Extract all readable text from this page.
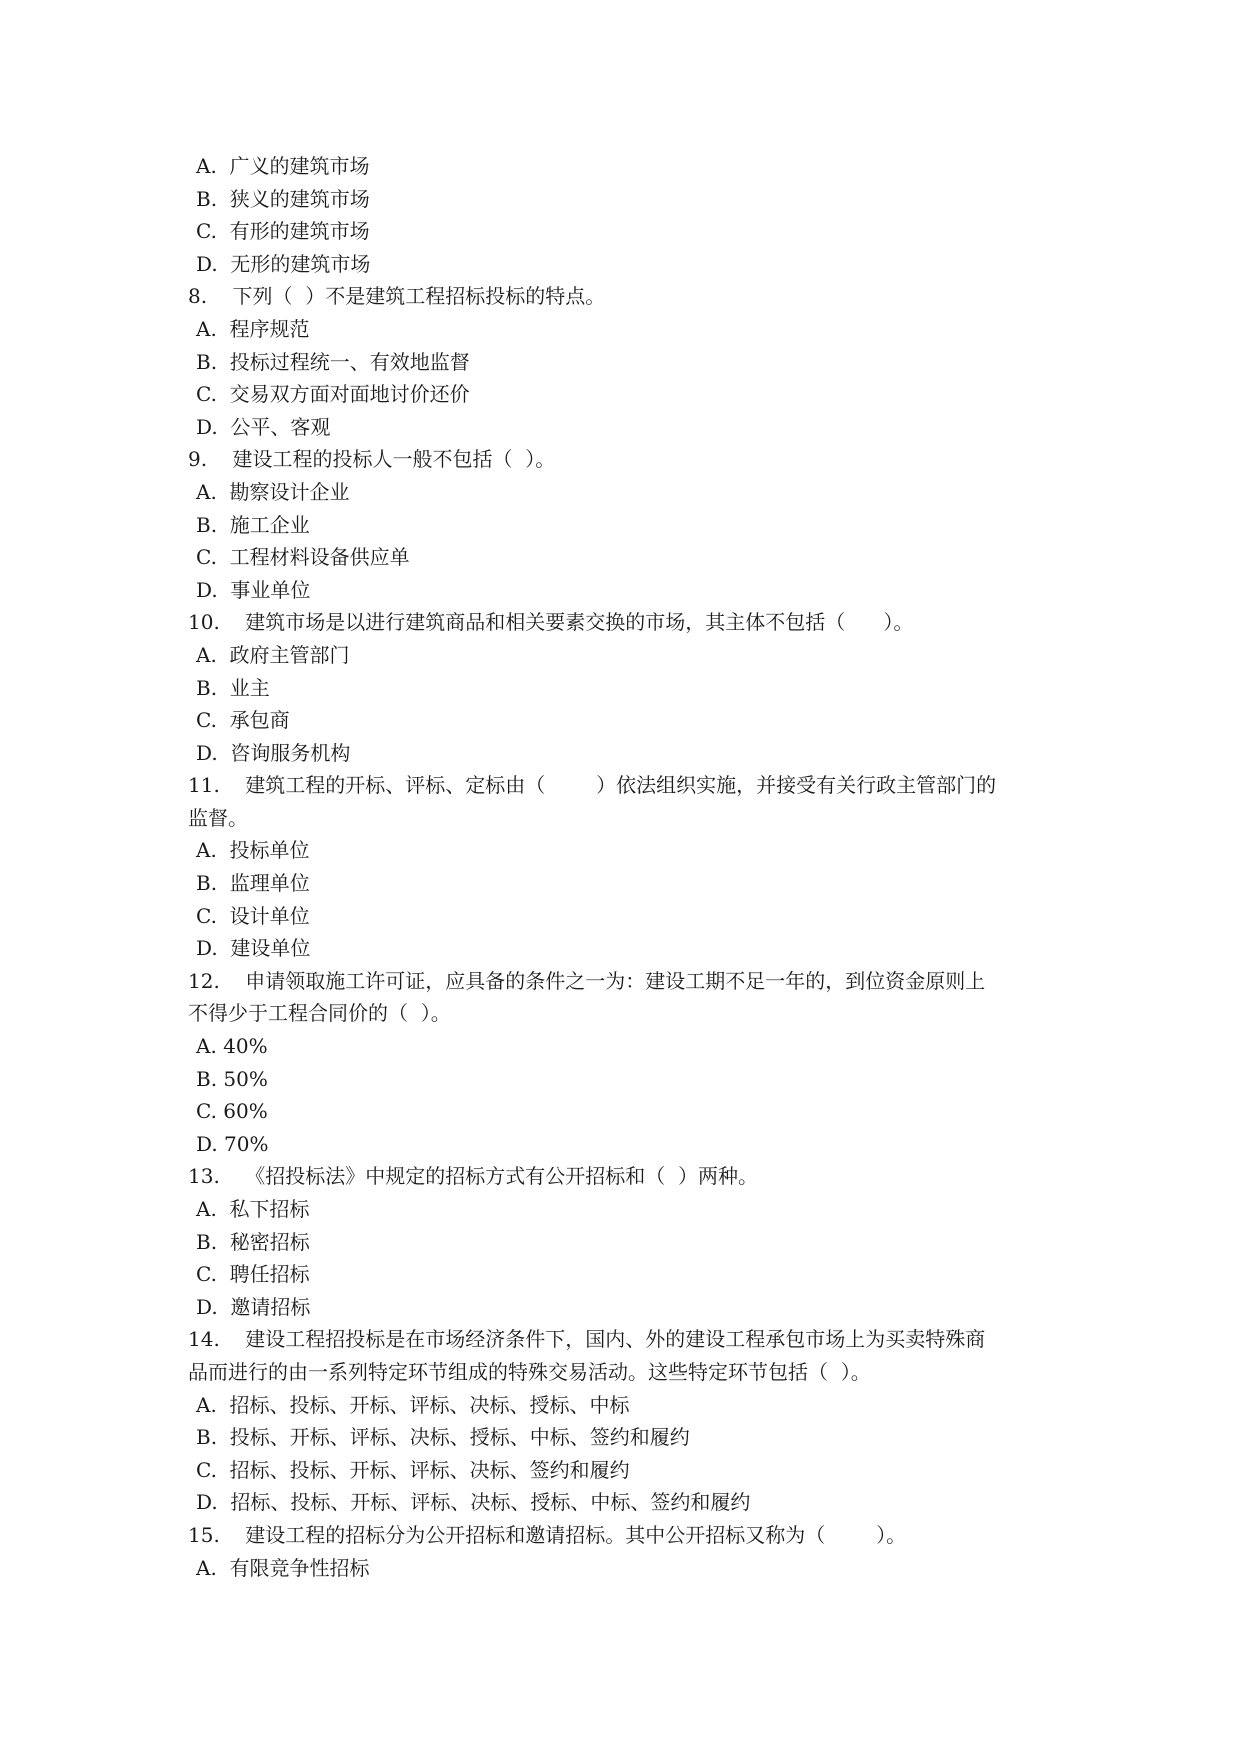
A.  广义的建筑市场
B.  狭义的建筑市场
C.  有形的建筑市场
D.  无形的建筑市场
8.    下列（  ）不是建筑工程招标投标的特点。
A.  程序规范
B.  投标过程统一、有效地监督
C.  交易双方面对面地讨价还价
D.  公平、客观
9.    建设工程的投标人一般不包括（  ）。
A.  勘察设计企业
B.  施工企业
C.  工程材料设备供应单
D.  事业单位
10.    建筑市场是以进行建筑商品和相关要素交换的市场，其主体不包括（      ）。
A.  政府主管部门
B.  业主
C.  承包商
D.  咨询服务机构
11.    建筑工程的开标、评标、定标由（        ）依法组织实施，并接受有关行政主管部门的
监督。
A.  投标单位
B.  监理单位
C.  设计单位
D.  建设单位
12.    申请领取施工许可证，应具备的条件之一为：建设工期不足一年的，到位资金原则上
不得少于工程合同价的（  ）。
A. 40%
B. 50%
C. 60%
D. 70%
13.    《招投标法》中规定的招标方式有公开招标和（  ）两种。
A.  私下招标
B.  秘密招标
C.  聘任招标
D.  邀请招标
14.    建设工程招投标是在市场经济条件下，国内、外的建设工程承包市场上为买卖特殊商
品而进行的由一系列特定环节组成的特殊交易活动。这些特定环节包括（  ）。
A.  招标、投标、开标、评标、决标、授标、中标
B.  投标、开标、评标、决标、授标、中标、签约和履约
C.  招标、投标、开标、评标、决标、签约和履约
D.  招标、投标、开标、评标、决标、授标、中标、签约和履约
15.    建设工程的招标分为公开招标和邀请招标。其中公开招标又称为（        ）。
A.  有限竞争性招标
